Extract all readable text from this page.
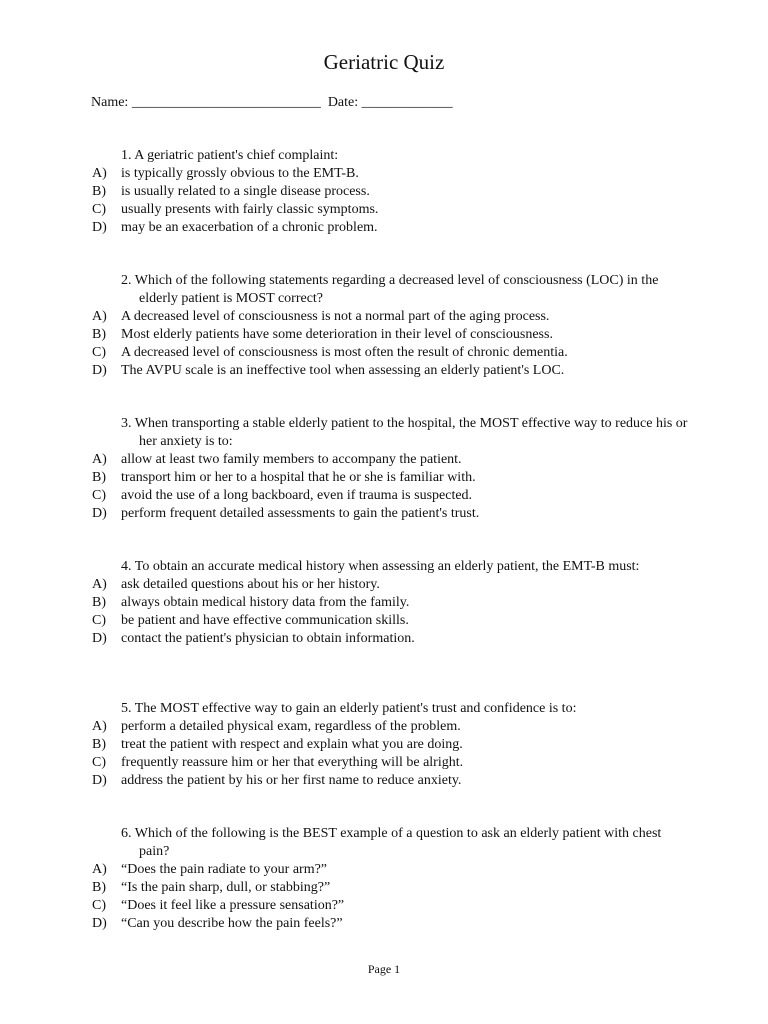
Geriatric Quiz
Name: ___________________________  Date: _____________

1. A geriatric patient's chief complaint:

A) is typically grossly obvious to the EMT-B.
B) is usually related to a single disease process.
C) usually presents with fairly classic symptoms.
D) may be an exacerbation of a chronic problem.

2. Which of the following statements regarding a decreased level of consciousness (LOC) in the elderly patient is MOST correct?

A) A decreased level of consciousness is not a normal part of the aging process.
B) Most elderly patients have some deterioration in their level of consciousness.
C) A decreased level of consciousness is most often the result of chronic dementia.
D) The AVPU scale is an ineffective tool when assessing an elderly patient's LOC.

3. When transporting a stable elderly patient to the hospital, the MOST effective way to reduce his or her anxiety is to:

A) allow at least two family members to accompany the patient.
B) transport him or her to a hospital that he or she is familiar with.
C) avoid the use of a long backboard, even if trauma is suspected.
D) perform frequent detailed assessments to gain the patient's trust.

4. To obtain an accurate medical history when assessing an elderly patient, the EMT-B must:

A) ask detailed questions about his or her history.
B) always obtain medical history data from the family.
C) be patient and have effective communication skills.
D) contact the patient's physician to obtain information.

5. The MOST effective way to gain an elderly patient's trust and confidence is to:

A) perform a detailed physical exam, regardless of the problem.
B) treat the patient with respect and explain what you are doing.
C) frequently reassure him or her that everything will be alright.
D) address the patient by his or her first name to reduce anxiety.

6. Which of the following is the BEST example of a question to ask an elderly patient with chest pain?

A) “Does the pain radiate to your arm?”
B) “Is the pain sharp, dull, or stabbing?”
C) “Does it feel like a pressure sensation?”
D) “Can you describe how the pain feels?”
Page 1
